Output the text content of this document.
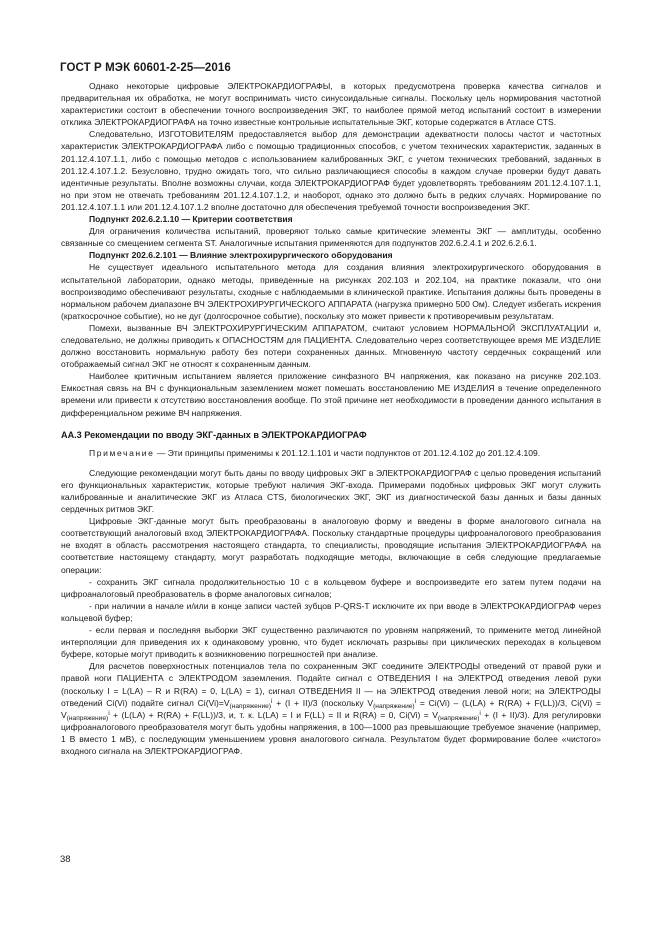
ГОСТ Р МЭК 60601-2-25—2016

Однако некоторые цифровые ЭЛЕКТРОКАРДИОГРАФЫ, в которых предусмотрена проверка качества сигналов и предварительная их обработка, не могут воспринимать чисто синусоидальные сигналы. Поскольку цель нормирования частотной характеристики состоит в обеспечении точного воспроизведения ЭКГ, то наиболее прямой метод испытаний состоит в измерении отклика ЭЛЕКТРОКАРДИОГРАФА на точно известные контрольные испытательные ЭКГ, которые содержатся в Атласе CTS.

Следовательно, ИЗГОТОВИТЕЛЯМ предоставляется выбор для демонстрации адекватности полосы частот и частотных характеристик ЭЛЕКТРОКАРДИОГРАФА либо с помощью традиционных способов, с учетом технических характеристик, заданных в 201.12.4.107.1.1, либо с помощью методов с использованием калиброванных ЭКГ, с учетом технических требований, заданных в 201.12.4.107.1.2. Безусловно, трудно ожидать того, что сильно различающиеся способы в каждом случае проверки будут давать идентичные результаты. Вполне возможны случаи, когда ЭЛЕКТРОКАРДИОГРАФ будет удовлетворять требованиям 201.12.4.107.1.1, но при этом не отвечать требованиям 201.12.4.107.1.2, и наоборот, однако это должно быть в редких случаях. Нормирование по 201.12.4.107.1.1 или 201.12.4.107.1.2 вполне достаточно для обеспечения требуемой точности воспроизведения ЭКГ.

Подпункт 202.6.2.1.10 — Критерии соответствия

Для ограничения количества испытаний, проверяют только самые критические элементы ЭКГ — амплитуды, особенно связанные со смещением сегмента ST. Аналогичные испытания применяются для подпунктов 202.6.2.4.1 и 202.6.2.6.1.

Подпункт 202.6.2.101 — Влияние электрохирургического оборудования

Не существует идеального испытательного метода для создания влияния электрохирургического оборудования в испытательной лаборатории, однако методы, приведенные на рисунках 202.103 и 202.104, на практике показали, что они воспроизводимо обеспечивают результаты, сходные с наблюдаемыми в клинической практике. Испытания должны быть проведены в нормальном рабочем диапазоне ВЧ ЭЛЕКТРОХИРУРГИЧЕСКОГО АППАРАТА (нагрузка примерно 500 Ом). Следует избегать искрения (краткосрочное событие), но не дуг (долгосрочное событие), поскольку это может привести к противоречивым результатам.

Помехи, вызванные ВЧ ЭЛЕКТРОХИРУРГИЧЕСКИМ АППАРАТОМ, считают условием НОРМАЛЬНОЙ ЭКСПЛУАТАЦИИ и, следовательно, не должны приводить к ОПАСНОСТЯМ для ПАЦИЕНТА. Следовательно через соответствующее время МЕ ИЗДЕЛИЕ должно восстановить нормальную работу без потери сохраненных данных. Мгновенную частоту сердечных сокращений или отображаемый сигнал ЭКГ не относят к сохраненным данным.

Наиболее критичным испытанием является приложение синфазного ВЧ напряжения, как показано на рисунке 202.103. Емкостная связь на ВЧ с функциональным заземлением может помешать восстановлению МЕ ИЗДЕЛИЯ в течение определенного времени или привести к отсутствию восстановления вообще. По этой причине нет необходимости в проведении данного испытания в дифференциальном режиме ВЧ напряжения.

АА.3 Рекомендации по вводу ЭКГ-данных в ЭЛЕКТРОКАРДИОГРАФ

Примечание — Эти принципы применимы к 201.12.1.101 и части подпунктов от 201.12.4.102 до 201.12.4.109.

Следующие рекомендации могут быть даны по вводу цифровых ЭКГ в ЭЛЕКТРОКАРДИОГРАФ с целью проведения испытаний его функциональных характеристик, которые требуют наличия ЭКГ-входа. Примерами подобных цифровых ЭКГ могут служить калиброванные и аналитические ЭКГ из Атласа CTS, биологических ЭКГ, ЭКГ из диагностической базы данных и базы данных сердечных ритмов ЭКГ.

Цифровые ЭКГ-данные могут быть преобразованы в аналоговую форму и введены в форме аналогового сигнала на соответствующий аналоговый вход ЭЛЕКТРОКАРДИОГРАФА. Поскольку стандартные процедуры цифроаналогового преобразования не входят в область рассмотрения настоящего стандарта, то специалисты, проводящие испытания ЭЛЕКТРОКАРДИОГРАФА на соответствие настоящему стандарту, могут разработать подходящие методы, включающие в себя следующие предлагаемые операции:

- сохранить ЭКГ сигнала продолжительностью 10 с в кольцевом буфере и воспроизведите его затем путем подачи на цифроаналоговый преобразователь в форме аналоговых сигналов;

- при наличии в начале и/или в конце записи частей зубцов P-QRS-T исключите их при вводе в ЭЛЕКТРОКАРДИОГРАФ через кольцевой буфер;

- если первая и последняя выборки ЭКГ существенно различаются по уровням напряжений, то примените метод линейной интерполяции для приведения их к одинаковому уровню, что будет исключать разрывы при циклических переходах в кольцевом буфере, которые могут приводить к возникновению погрешностей при анализе.

Для расчетов поверхностных потенциалов тела по сохраненным ЭКГ соедините ЭЛЕКТРОДЫ отведений от правой руки и правой ноги ПАЦИЕНТА с ЭЛЕКТРОДОМ заземления. Подайте сигнал с ОТВЕДЕНИЯ I на ЭЛЕКТРОД отведения левой руки (поскольку I = L(LA) – R и R(RA) = 0, L(LA) = 1), сигнал ОТВЕДЕНИЯ II — на ЭЛЕКТРОД отведения левой ноги; на ЭЛЕКТРОДЫ отведений Ci(Vi) подайте сигнал $Ci(Vi)=V_{(напряжение)}^i + (I + II)/3$ (поскольку $V_{(напряжение)}^i = Ci(Vi) - (L(LA) + R(RA) + F(LL))/3$, $Ci(Vi) = V_{(напряжение)}^i + (L(LA) + R(RA) + F(LL))/3$, и, т. к. L(LA) = I и F(LL) = II и R(RA) = 0, $Ci(Vi) = V_{(напряжение)}^i + (I + II)/3$). Для регулировки цифроаналогового преобразователя могут быть удобны напряжения, в 100—1000 раз превышающие требуемое значение (например, 1 В вместо 1 мВ), с последующим уменьшением уровня аналогового сигнала. Результатом будет формирование более «чистого» входного сигнала на ЭЛЕКТРОКАРДИОГРАФ.

38
